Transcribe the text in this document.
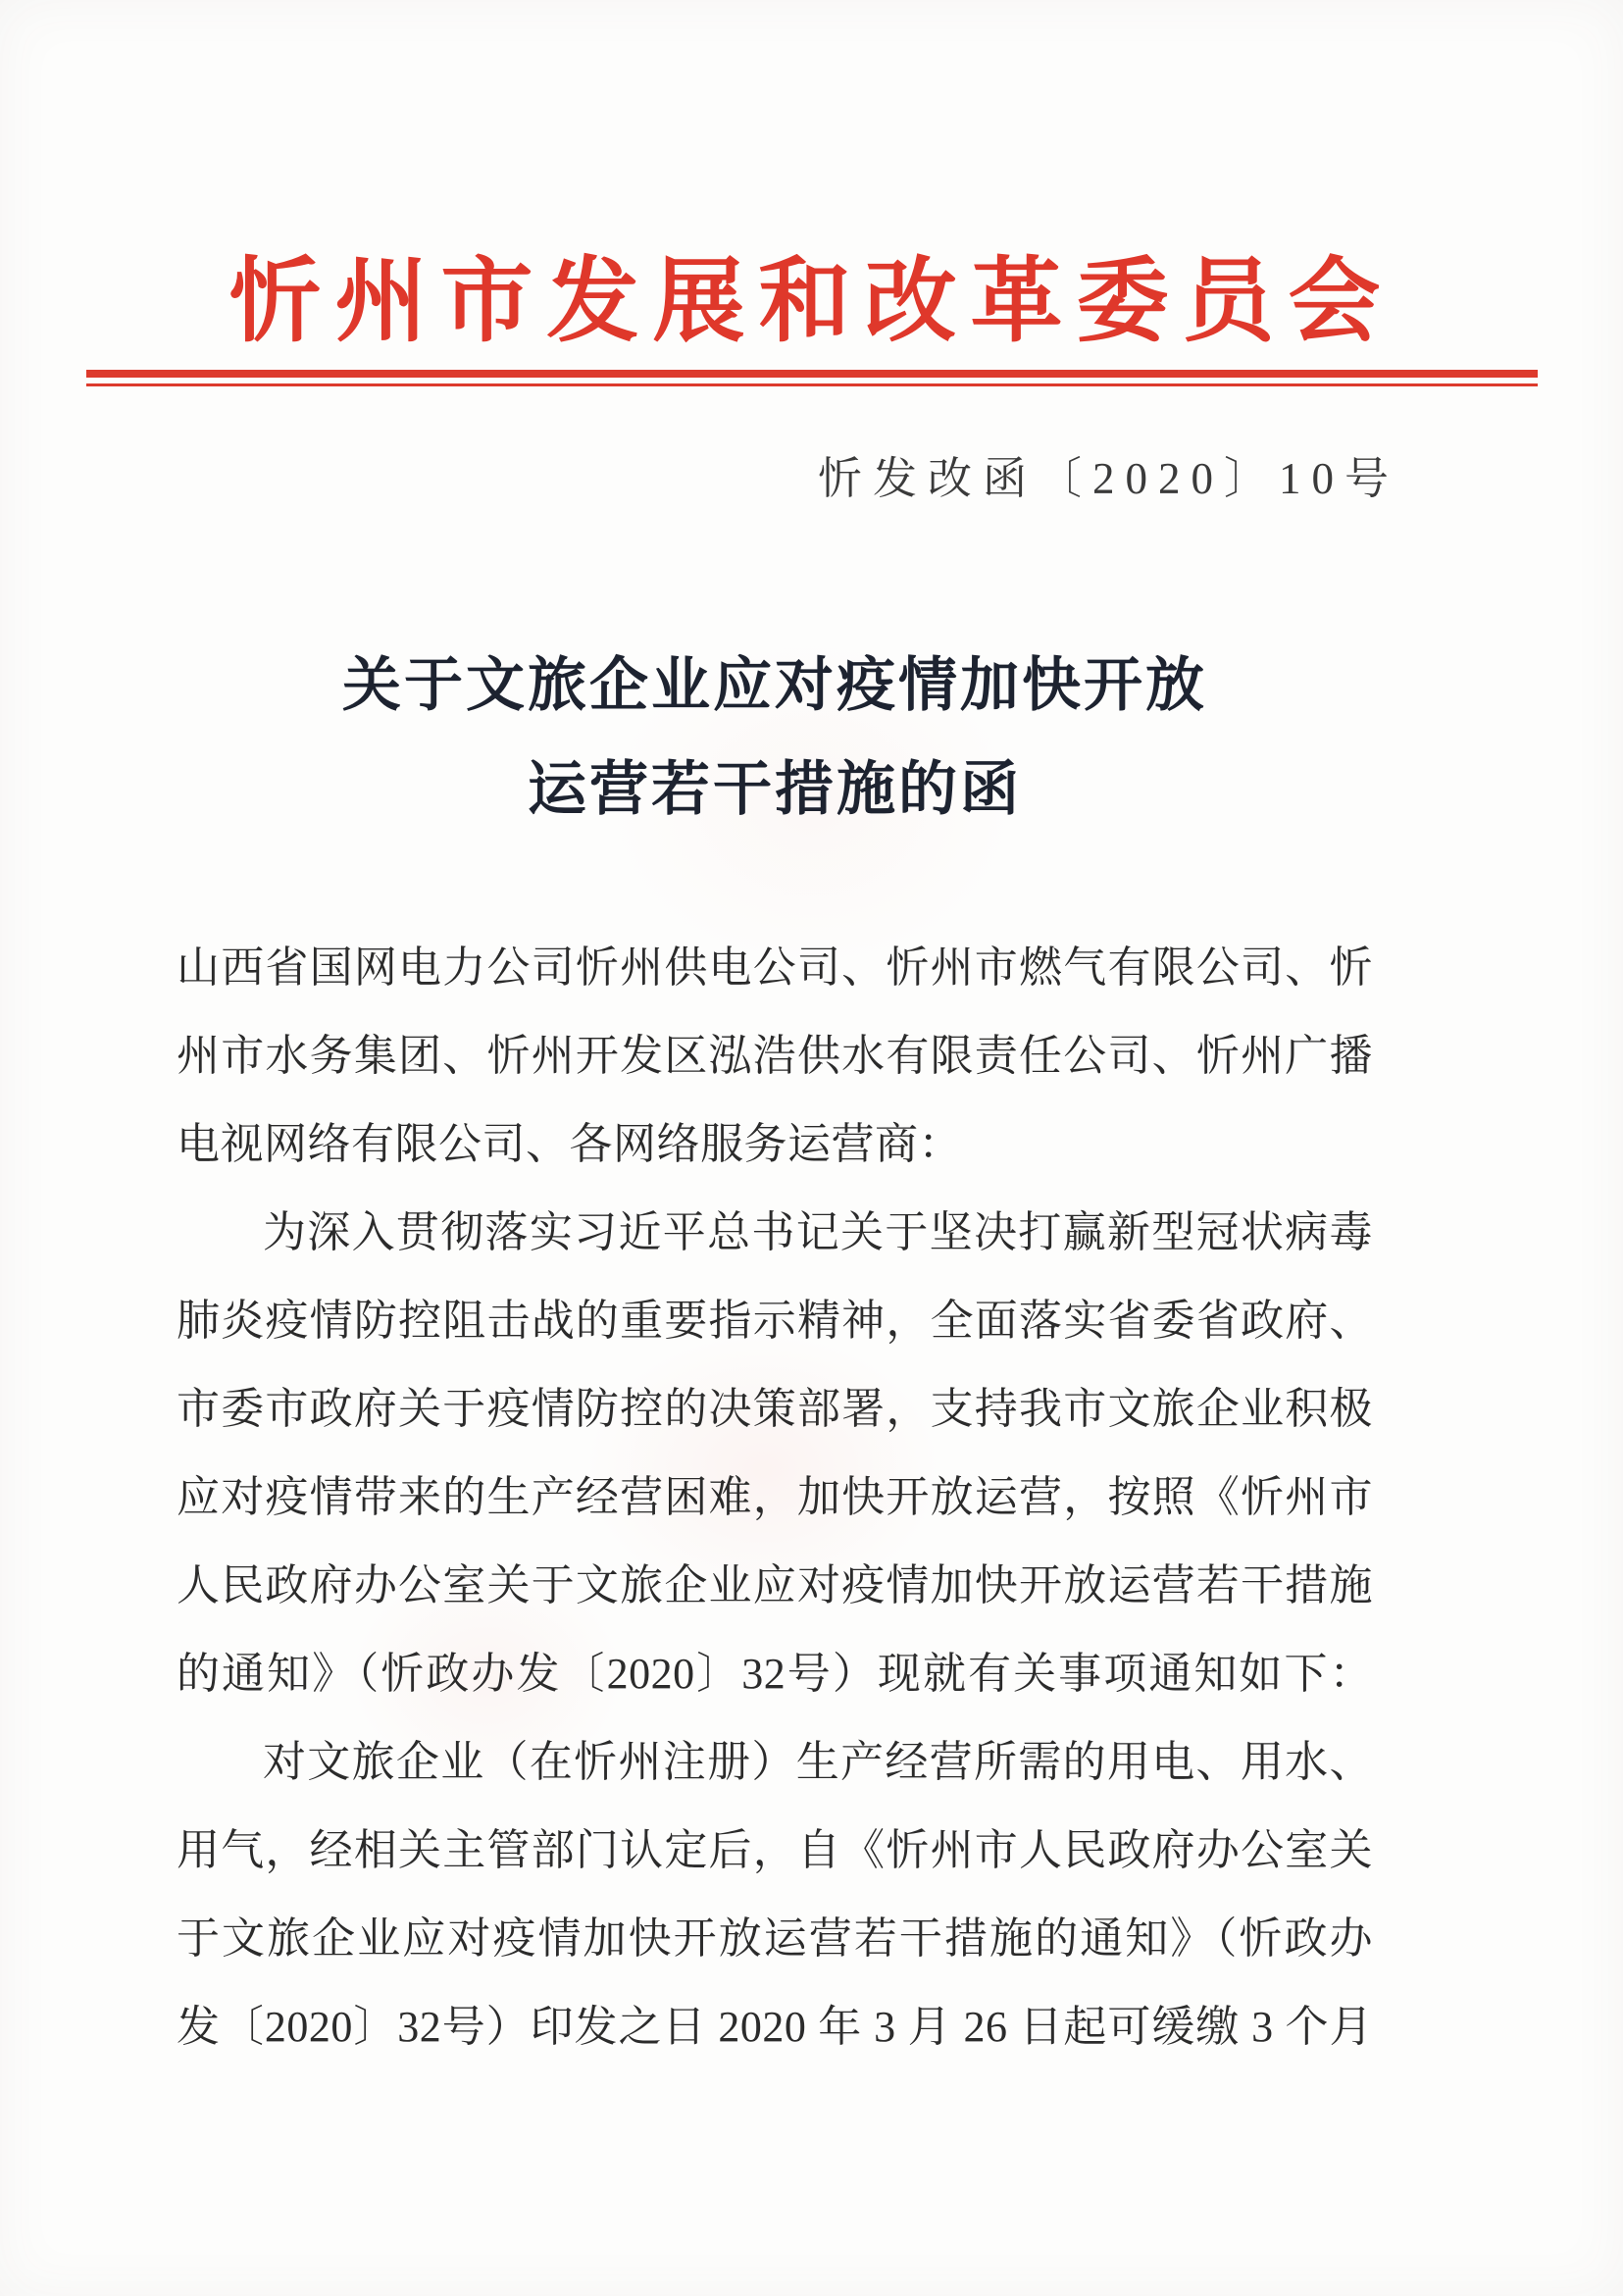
忻州市发展和改革委员会
忻发改函〔2020〕10号
关于文旅企业应对疫情加快开放
运营若干措施的函
山西省国网电力公司忻州供电公司、忻州市燃气有限公司、忻
州市水务集团、忻州开发区泓浩供水有限责任公司、忻州广播
电视网络有限公司、各网络服务运营商：
为深入贯彻落实习近平总书记关于坚决打赢新型冠状病毒
肺炎疫情防控阻击战的重要指示精神，全面落实省委省政府、
市委市政府关于疫情防控的决策部署，支持我市文旅企业积极
应对疫情带来的生产经营困难，加快开放运营，按照《忻州市
人民政府办公室关于文旅企业应对疫情加快开放运营若干措施
的通知》（忻政办发〔2020〕32号）现就有关事项通知如下：
对文旅企业（在忻州注册）生产经营所需的用电、用水、
用气，经相关主管部门认定后，自《忻州市人民政府办公室关
于文旅企业应对疫情加快开放运营若干措施的通知》（忻政办
发〔2020〕32号）印发之日 2020 年 3 月 26 日起可缓缴 3 个月
